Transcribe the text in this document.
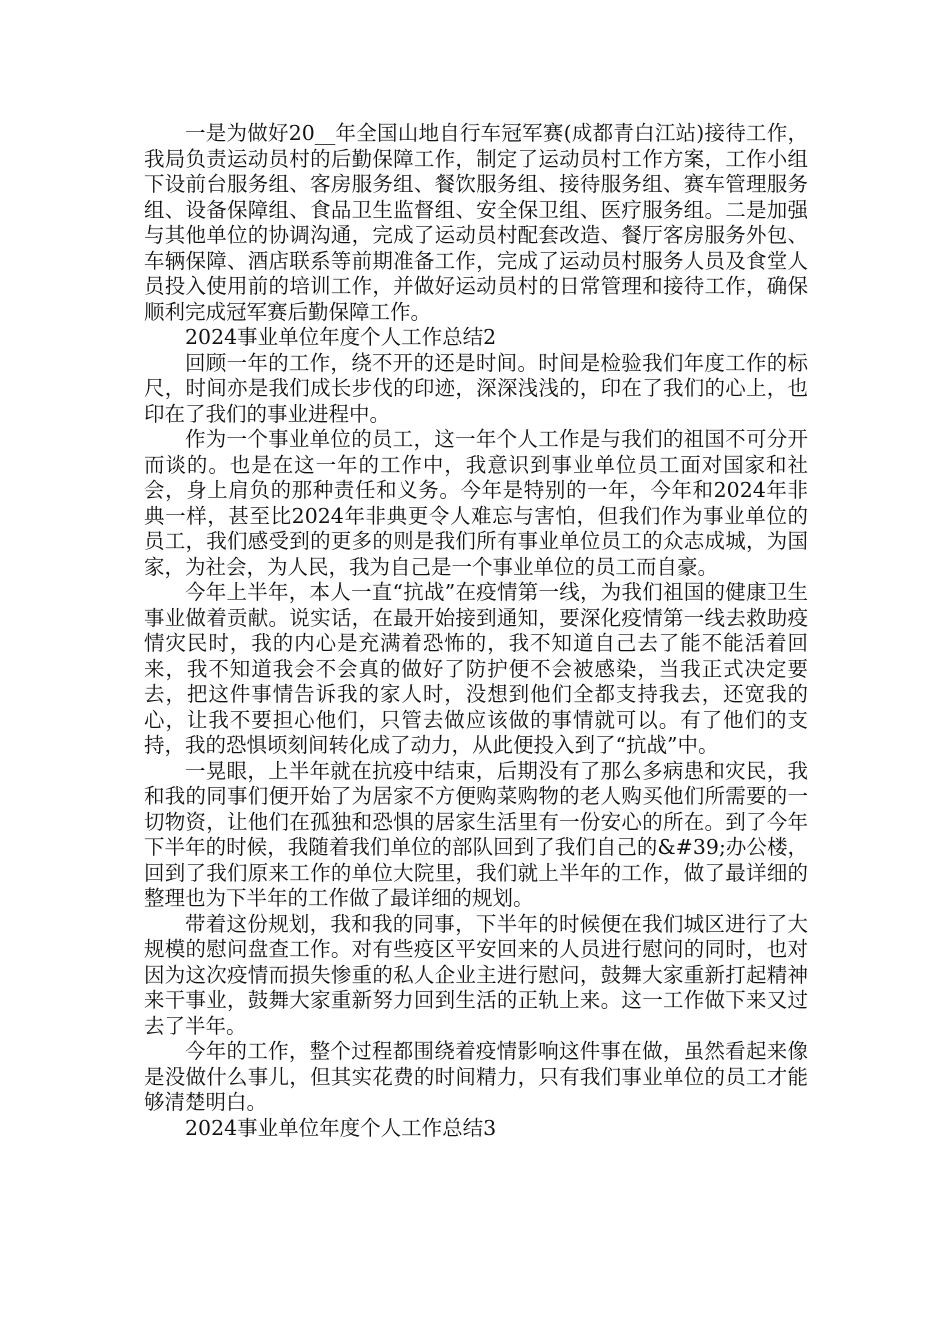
一是为做好20__年全国山地自行车冠军赛(成都青白江站)接待工作，我局负责运动员村的后勤保障工作，制定了运动员村工作方案，工作小组下设前台服务组、客房服务组、餐饮服务组、接待服务组、赛车管理服务组、设备保障组、食品卫生监督组、安全保卫组、医疗服务组。二是加强与其他单位的协调沟通，完成了运动员村配套改造、餐厅客房服务外包、车辆保障、酒店联系等前期准备工作，完成了运动员村服务人员及食堂人员投入使用前的培训工作，并做好运动员村的日常管理和接待工作，确保顺利完成冠军赛后勤保障工作。

2024事业单位年度个人工作总结2

回顾一年的工作，绕不开的还是时间。时间是检验我们年度工作的标尺，时间亦是我们成长步伐的印迹，深深浅浅的，印在了我们的心上，也印在了我们的事业进程中。

作为一个事业单位的员工，这一年个人工作是与我们的祖国不可分开而谈的。也是在这一年的工作中，我意识到事业单位员工面对国家和社会，身上肩负的那种责任和义务。今年是特别的一年，今年和2024年非典一样，甚至比2024年非典更令人难忘与害怕，但我们作为事业单位的员工，我们感受到的更多的则是我们所有事业单位员工的众志成城，为国家，为社会，为人民，我为自己是一个事业单位的员工而自豪。

今年上半年，本人一直“抗战”在疫情第一线，为我们祖国的健康卫生事业做着贡献。说实话，在最开始接到通知，要深化疫情第一线去救助疫情灾民时，我的内心是充满着恐怖的，我不知道自己去了能不能活着回来，我不知道我会不会真的做好了防护便不会被感染，当我正式决定要去，把这件事情告诉我的家人时，没想到他们全都支持我去，还宽我的心，让我不要担心他们，只管去做应该做的事情就可以。有了他们的支持，我的恐惧顷刻间转化成了动力，从此便投入到了“抗战”中。

一晃眼，上半年就在抗疫中结束，后期没有了那么多病患和灾民，我和我的同事们便开始了为居家不方便购菜购物的老人购买他们所需要的一切物资，让他们在孤独和恐惧的居家生活里有一份安心的所在。到了今年下半年的时候，我随着我们单位的部队回到了我们自己的&#39;办公楼，回到了我们原来工作的单位大院里，我们就上半年的工作，做了最详细的整理也为下半年的工作做了最详细的规划。

带着这份规划，我和我的同事，下半年的时候便在我们城区进行了大规模的慰问盘查工作。对有些疫区平安回来的人员进行慰问的同时，也对因为这次疫情而损失惨重的私人企业主进行慰问，鼓舞大家重新打起精神来干事业，鼓舞大家重新努力回到生活的正轨上来。这一工作做下来又过去了半年。

今年的工作，整个过程都围绕着疫情影响这件事在做，虽然看起来像是没做什么事儿，但其实花费的时间精力，只有我们事业单位的员工才能够清楚明白。

2024事业单位年度个人工作总结3
